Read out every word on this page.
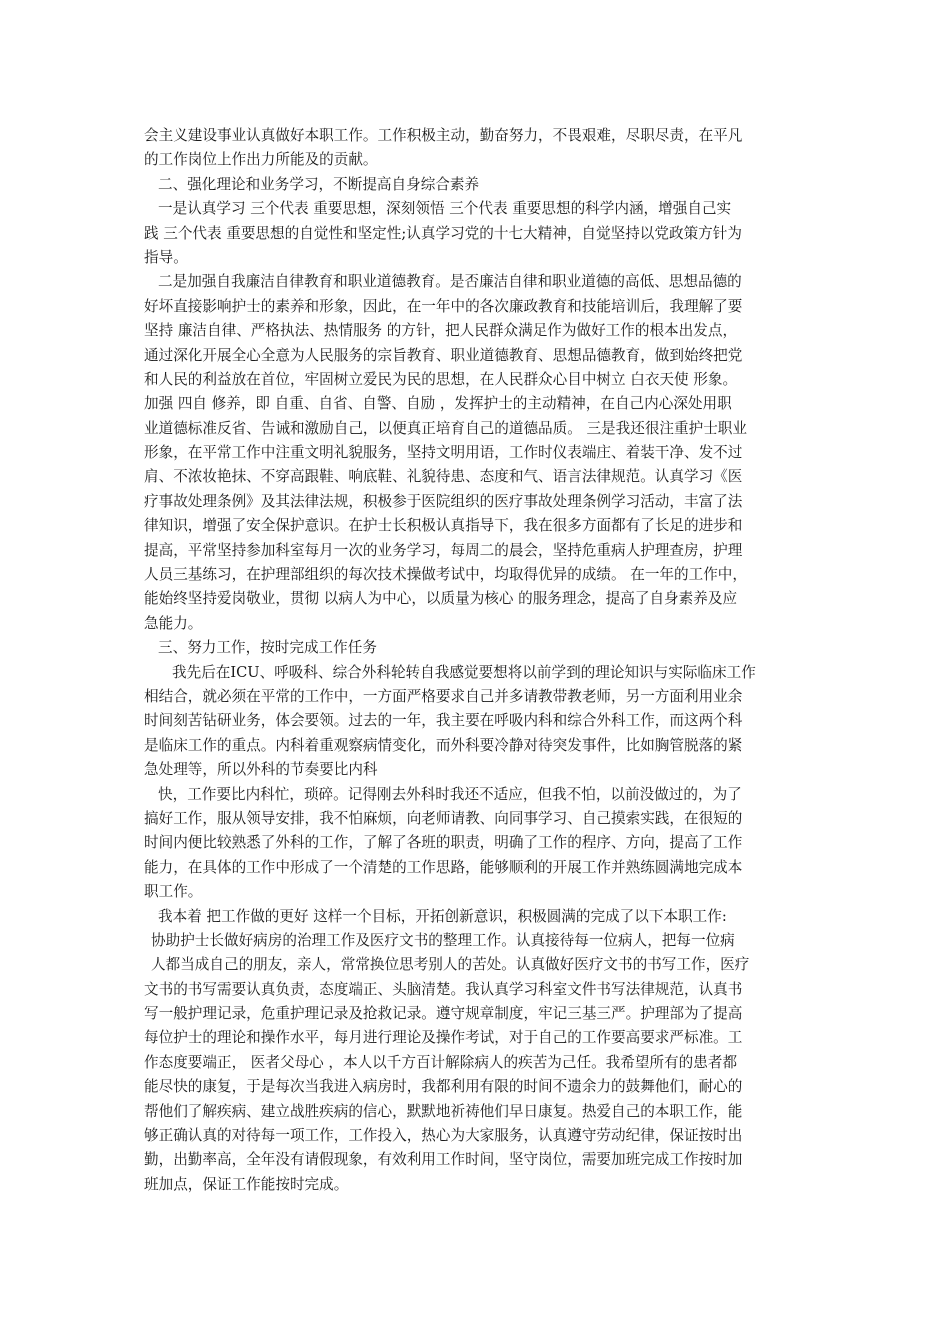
会主义建设事业认真做好本职工作。工作积极主动，勤奋努力，不畏艰难，尽职尽责，在平凡
的工作岗位上作出力所能及的贡献。
二、强化理论和业务学习，不断提高自身综合素养
一是认真学习 三个代表 重要思想，深刻领悟 三个代表 重要思想的科学内涵，增强自己实
践 三个代表 重要思想的自觉性和坚定性;认真学习党的十七大精神，自觉坚持以党政策方针为
指导。
二是加强自我廉洁自律教育和职业道德教育。是否廉洁自律和职业道德的高低、思想品德的
好坏直接影响护士的素养和形象，因此，在一年中的各次廉政教育和技能培训后，我理解了要
坚持 廉洁自律、严格执法、热情服务 的方针，把人民群众满足作为做好工作的根本出发点，
通过深化开展全心全意为人民服务的宗旨教育、职业道德教育、思想品德教育，做到始终把党
和人民的利益放在首位，牢固树立爱民为民的思想，在人民群众心目中树立 白衣天使 形象。
加强 四自 修养，即 自重、自省、自警、自励 ，发挥护士的主动精神，在自己内心深处用职
业道德标准反省、告诫和激励自己，以便真正培育自己的道德品质。 三是我还很注重护士职业
形象，在平常工作中注重文明礼貌服务，坚持文明用语，工作时仪表端庄、着装干净、发不过
肩、不浓妆艳抹、不穿高跟鞋、响底鞋、礼貌待患、态度和气、语言法律规范。认真学习《医
疗事故处理条例》及其法律法规，积极参于医院组织的医疗事故处理条例学习活动，丰富了法
律知识，增强了安全保护意识。在护士长积极认真指导下，我在很多方面都有了长足的进步和
提高，平常坚持参加科室每月一次的业务学习，每周二的晨会，坚持危重病人护理查房，护理
人员三基练习，在护理部组织的每次技术操做考试中，均取得优异的成绩。 在一年的工作中，
能始终坚持爱岗敬业，贯彻 以病人为中心，以质量为核心 的服务理念，提高了自身素养及应
急能力。
三、努力工作，按时完成工作任务
我先后在ICU、呼吸科、综合外科轮转自我感觉要想将以前学到的理论知识与实际临床工作
相结合，就必须在平常的工作中，一方面严格要求自己并多请教带教老师，另一方面利用业余
时间刻苦钻研业务，体会要领。过去的一年，我主要在呼吸内科和综合外科工作，而这两个科
是临床工作的重点。内科着重观察病情变化，而外科要冷静对待突发事件，比如胸管脱落的紧
急处理等，所以外科的节奏要比内科
快，工作要比内科忙，琐碎。记得刚去外科时我还不适应，但我不怕，以前没做过的，为了
搞好工作，服从领导安排，我不怕麻烦，向老师请教、向同事学习、自己摸索实践，在很短的
时间内便比较熟悉了外科的工作，了解了各班的职责，明确了工作的程序、方向，提高了工作
能力，在具体的工作中形成了一个清楚的工作思路，能够顺利的开展工作并熟练圆满地完成本
职工作。
我本着 把工作做的更好 这样一个目标，开拓创新意识，积极圆满的完成了以下本职工作:
协助护士长做好病房的治理工作及医疗文书的整理工作。认真接待每一位病人，把每一位病
人都当成自己的朋友，亲人，常常换位思考别人的苦处。认真做好医疗文书的书写工作，医疗
文书的书写需要认真负责，态度端正、头脑清楚。我认真学习科室文件书写法律规范，认真书
写一般护理记录，危重护理记录及抢救记录。遵守规章制度，牢记三基三严。护理部为了提高
每位护士的理论和操作水平，每月进行理论及操作考试，对于自己的工作要高要求严标准。工
作态度要端正， 医者父母心 ，本人以千方百计解除病人的疾苦为己任。我希望所有的患者都
能尽快的康复，于是每次当我进入病房时，我都利用有限的时间不遗余力的鼓舞他们，耐心的
帮他们了解疾病、建立战胜疾病的信心，默默地祈祷他们早日康复。热爱自己的本职工作，能
够正确认真的对待每一项工作，工作投入，热心为大家服务，认真遵守劳动纪律，保证按时出
勤，出勤率高，全年没有请假现象，有效利用工作时间，坚守岗位，需要加班完成工作按时加
班加点，保证工作能按时完成。
